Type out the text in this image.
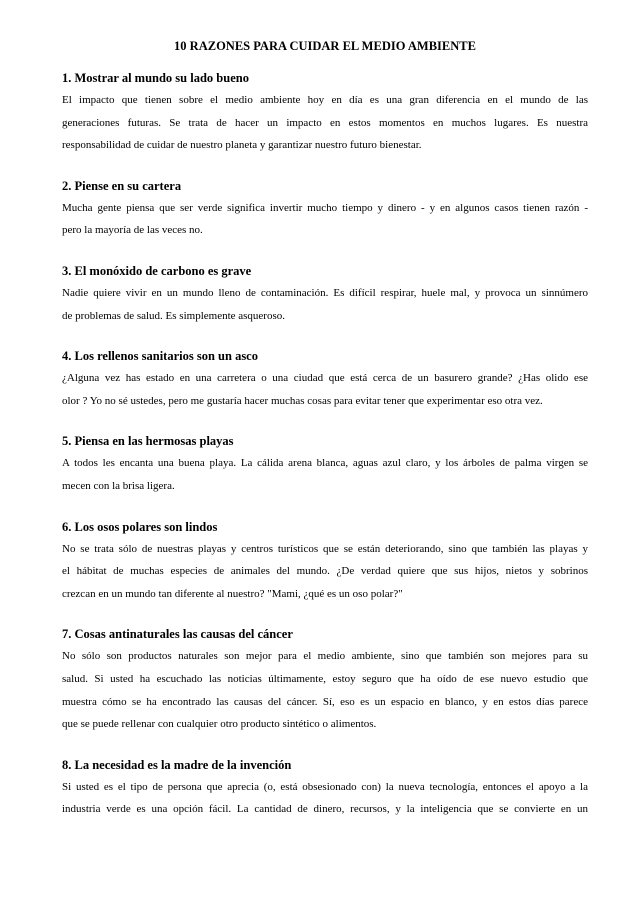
10 RAZONES PARA CUIDAR EL MEDIO AMBIENTE
1. Mostrar al mundo su lado bueno

El impacto que tienen sobre el medio ambiente hoy en día es una gran diferencia en el mundo de las
generaciones futuras. Se trata de hacer un impacto en estos momentos en muchos lugares. Es nuestra
responsabilidad de cuidar de nuestro planeta y garantizar nuestro futuro bienestar.

2. Piense en su cartera

Mucha gente piensa que ser verde significa invertir mucho tiempo y dinero - y en algunos casos tienen razón -
pero la mayoría de las veces no.

3. El monóxido de carbono es grave

Nadie quiere vivir en un mundo lleno de contaminación. Es difícil respirar, huele mal, y provoca un sinnúmero
de problemas de salud. Es simplemente asqueroso.

4. Los rellenos sanitarios son un asco

¿Alguna vez has estado en una carretera o una ciudad que está cerca de un basurero grande? ¿Has olido ese
olor ? Yo no sé ustedes, pero me gustaría hacer muchas cosas para evitar tener que experimentar eso otra vez.

5. Piensa en las hermosas playas

A todos les encanta una buena playa. La cálida arena blanca, aguas azul claro, y los árboles de palma virgen se
mecen con la brisa ligera.

6. Los osos polares son lindos

No se trata sólo de nuestras playas y centros turísticos que se están deteriorando, sino que también las playas y
el hábitat de muchas especies de animales del mundo. ¿De verdad quiere que sus hijos, nietos y sobrinos
crezcan en un mundo tan diferente al nuestro? "Mami, ¿qué es un oso polar?"

7. Cosas antinaturales las causas del cáncer

No sólo son productos naturales son mejor para el medio ambiente, sino que también son mejores para su
salud. Si usted ha escuchado las noticias últimamente, estoy seguro que ha oído de ese nuevo estudio que
muestra cómo se ha encontrado las causas del cáncer. Sí, eso es un espacio en blanco, y en estos días parece
que se puede rellenar con cualquier otro producto sintético o alimentos.

8. La necesidad es la madre de la invención

Si usted es el tipo de persona que aprecia (o, está obsesionado con) la nueva tecnología, entonces el apoyo a la
industria verde es una opción fácil. La cantidad de dinero, recursos, y la inteligencia que se convierte en un
